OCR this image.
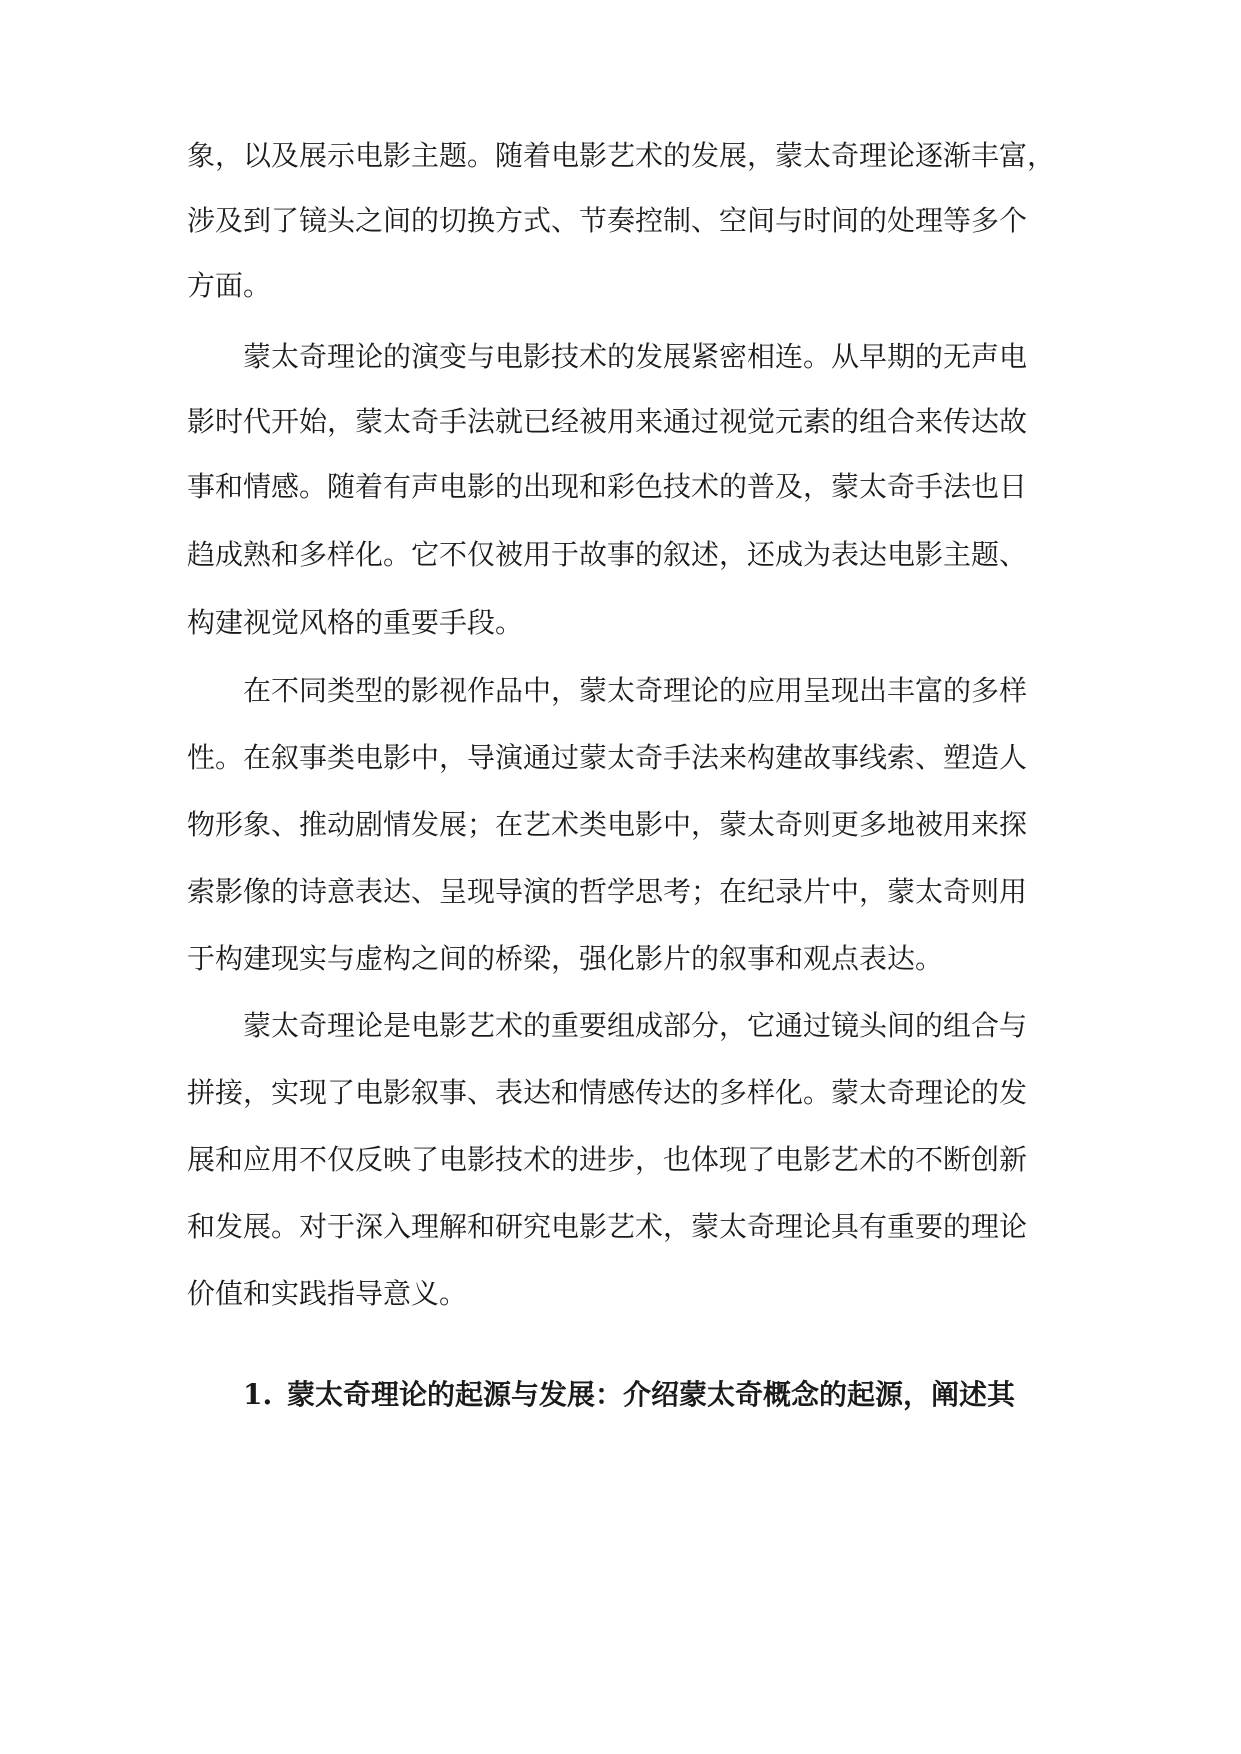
象，以及展示电影主题。随着电影艺术的发展，蒙太奇理论逐渐丰富，
涉及到了镜头之间的切换方式、节奏控制、空间与时间的处理等多个
方面。
蒙太奇理论的演变与电影技术的发展紧密相连。从早期的无声电
影时代开始，蒙太奇手法就已经被用来通过视觉元素的组合来传达故
事和情感。随着有声电影的出现和彩色技术的普及，蒙太奇手法也日
趋成熟和多样化。它不仅被用于故事的叙述，还成为表达电影主题、
构建视觉风格的重要手段。
在不同类型的影视作品中，蒙太奇理论的应用呈现出丰富的多样
性。在叙事类电影中，导演通过蒙太奇手法来构建故事线索、塑造人
物形象、推动剧情发展；在艺术类电影中，蒙太奇则更多地被用来探
索影像的诗意表达、呈现导演的哲学思考；在纪录片中，蒙太奇则用
于构建现实与虚构之间的桥梁，强化影片的叙事和观点表达。
蒙太奇理论是电影艺术的重要组成部分，它通过镜头间的组合与
拼接，实现了电影叙事、表达和情感传达的多样化。蒙太奇理论的发
展和应用不仅反映了电影技术的进步，也体现了电影艺术的不断创新
和发展。对于深入理解和研究电影艺术，蒙太奇理论具有重要的理论
价值和实践指导意义。
1. 蒙太奇理论的起源与发展：介绍蒙太奇概念的起源，阐述其
